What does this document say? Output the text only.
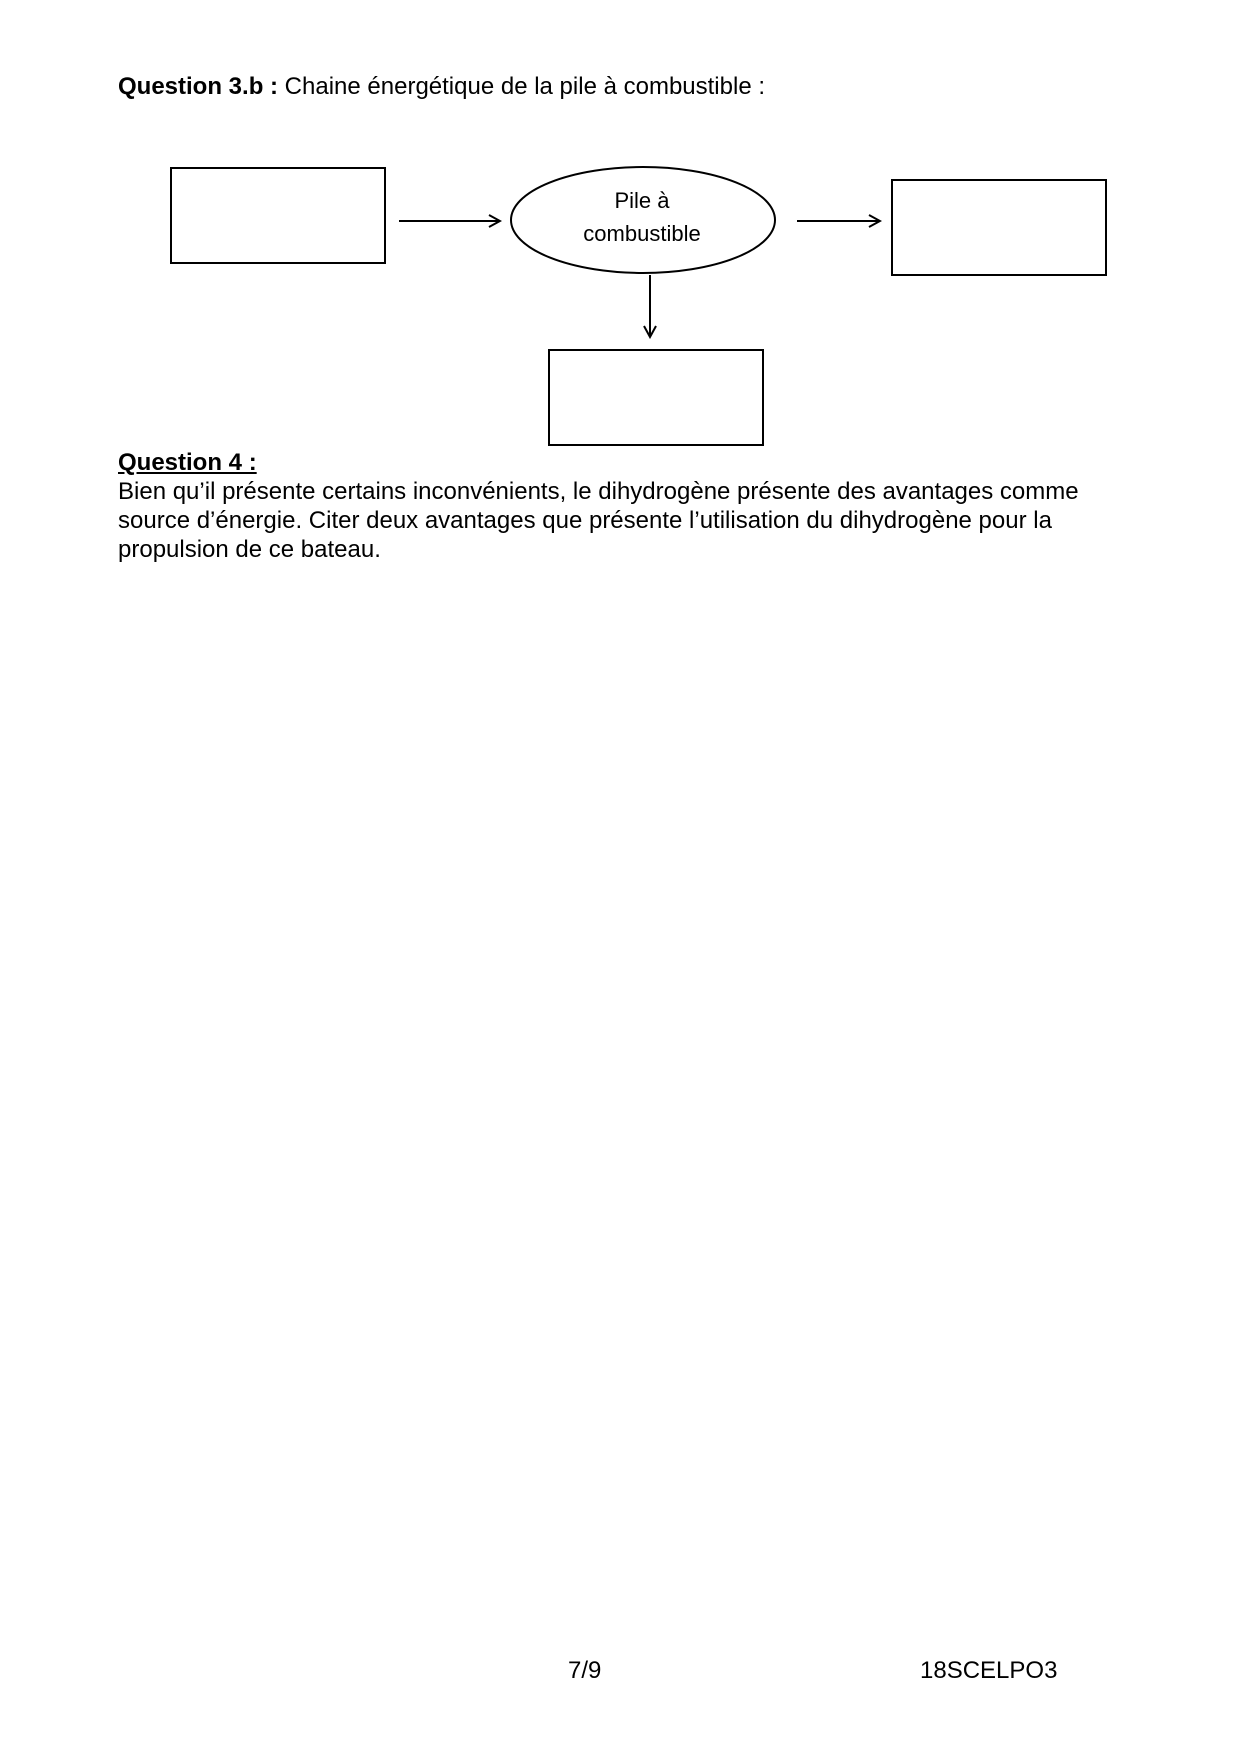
Question 3.b : Chaine énergétique de la pile à combustible :
Pile à
combustible
Question 4 :

Bien qu’il présente certains inconvénients, le dihydrogène présente des avantages comme

source d’énergie. Citer deux avantages que présente l’utilisation du dihydrogène pour la

propulsion de ce bateau.

7/9	18SCELPO3
